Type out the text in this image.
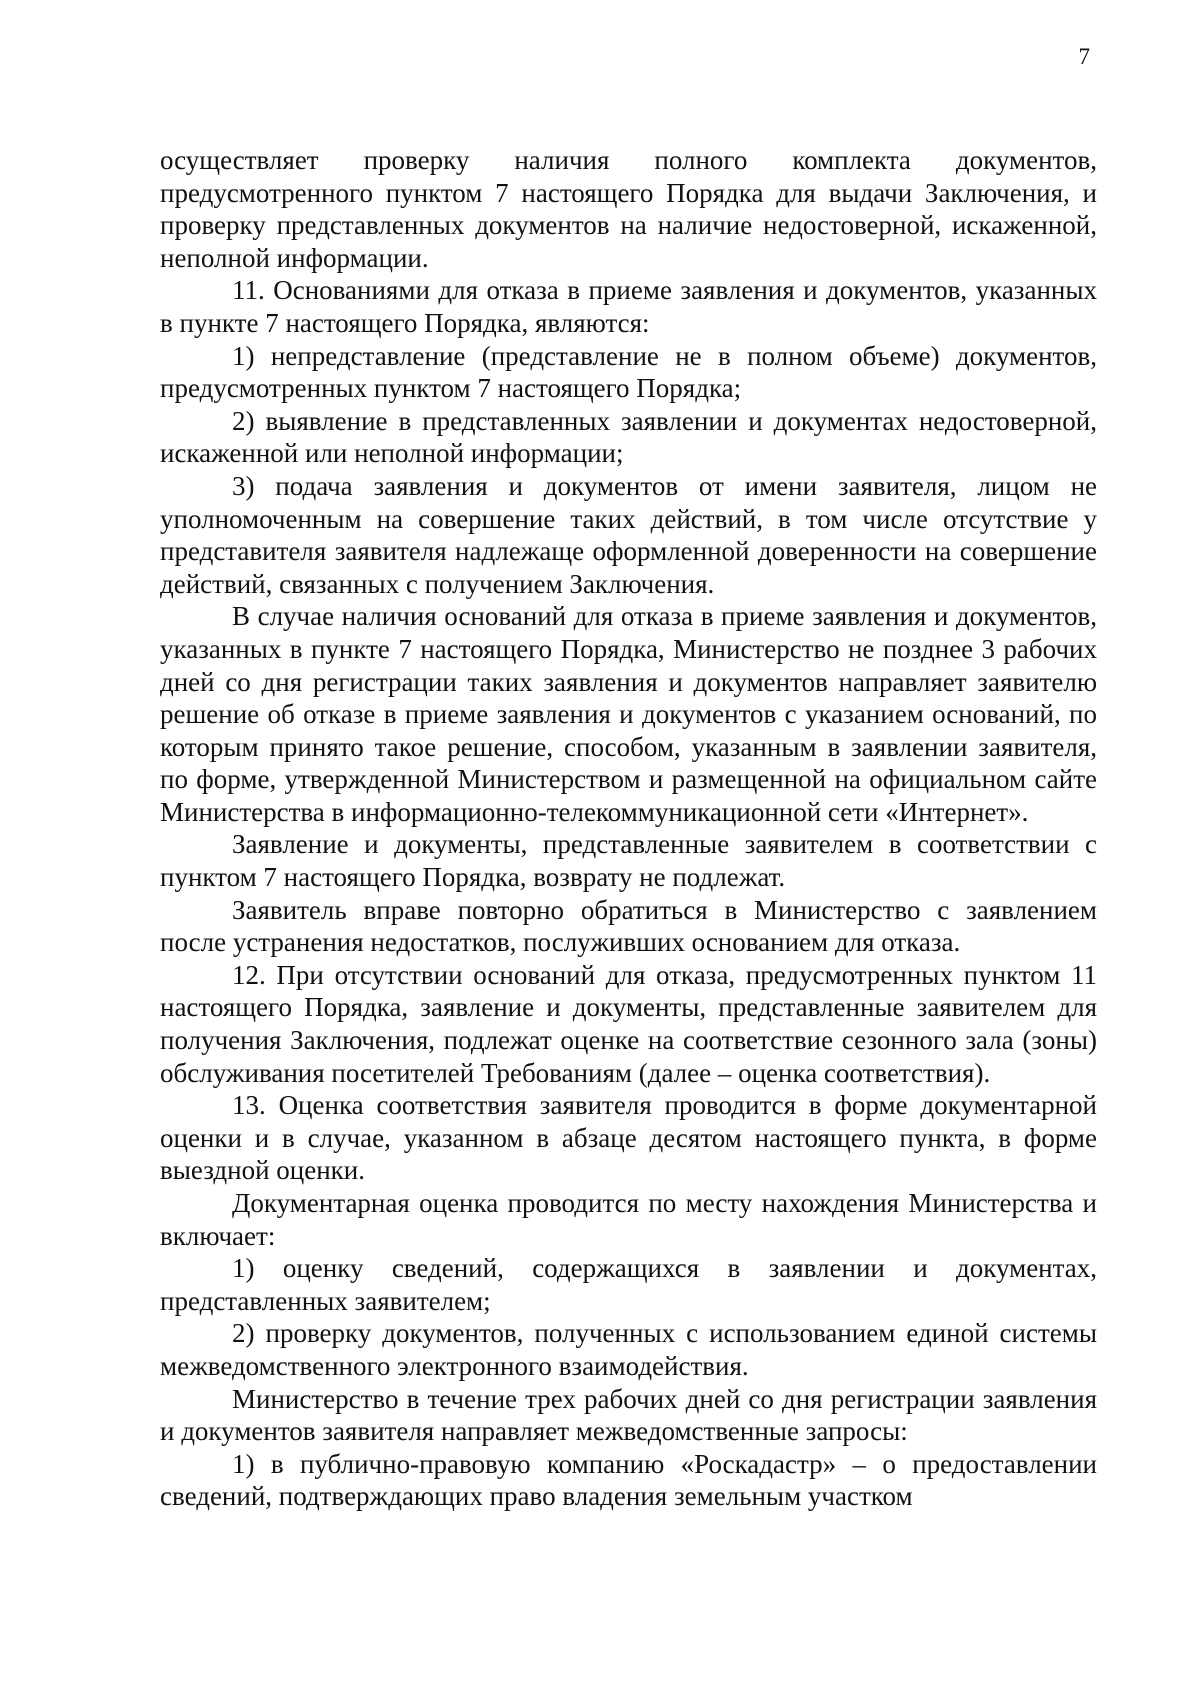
7

осуществляет проверку наличия полного комплекта документов, предусмотренного пунктом 7 настоящего Порядка для выдачи Заключения, и проверку представленных документов на наличие недостоверной, искаженной, неполной информации.

11. Основаниями для отказа в приеме заявления и документов, указанных в пункте 7 настоящего Порядка, являются:

1) непредставление (представление не в полном объеме) документов, предусмотренных пунктом 7 настоящего Порядка;

2) выявление в представленных заявлении и документах недостоверной, искаженной или неполной информации;

3) подача заявления и документов от имени заявителя, лицом не уполномоченным на совершение таких действий, в том числе отсутствие у представителя заявителя надлежаще оформленной доверенности на совершение действий, связанных с получением Заключения.

В случае наличия оснований для отказа в приеме заявления и документов, указанных в пункте 7 настоящего Порядка, Министерство не позднее 3 рабочих дней со дня регистрации таких заявления и документов направляет заявителю решение об отказе в приеме заявления и документов с указанием оснований, по которым принято такое решение, способом, указанным в заявлении заявителя, по форме, утвержденной Министерством и размещенной на официальном сайте Министерства в информационно-телекоммуникационной сети «Интернет».

Заявление и документы, представленные заявителем в соответствии с пунктом 7 настоящего Порядка, возврату не подлежат.

Заявитель вправе повторно обратиться в Министерство с заявлением после устранения недостатков, послуживших основанием для отказа.

12. При отсутствии оснований для отказа, предусмотренных пунктом 11 настоящего Порядка, заявление и документы, представленные заявителем для получения Заключения, подлежат оценке на соответствие сезонного зала (зоны) обслуживания посетителей Требованиям (далее – оценка соответствия).

13. Оценка соответствия заявителя проводится в форме документарной оценки и в случае, указанном в абзаце десятом настоящего пункта, в форме выездной оценки.

Документарная оценка проводится по месту нахождения Министерства и включает:

1) оценку сведений, содержащихся в заявлении и документах, представленных заявителем;

2) проверку документов, полученных с использованием единой системы межведомственного электронного взаимодействия.

Министерство в течение трех рабочих дней со дня регистрации заявления и документов заявителя направляет межведомственные запросы:

1) в публично-правовую компанию «Роскадастр» – о предоставлении сведений, подтверждающих право владения земельным участком
